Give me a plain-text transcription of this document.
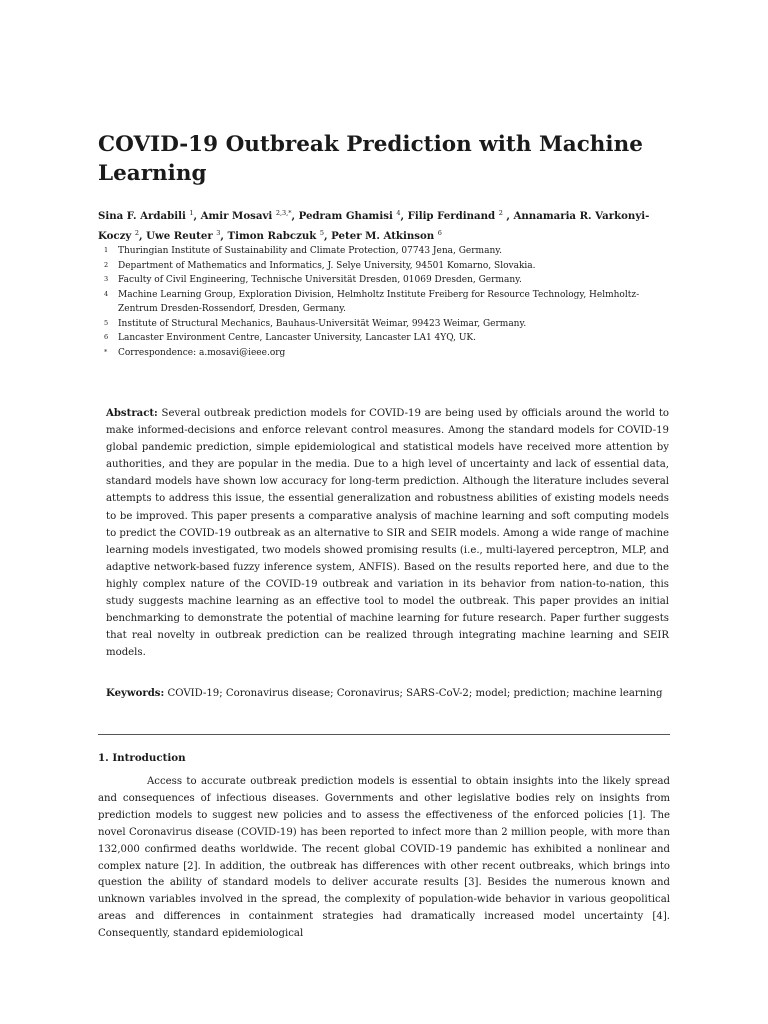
COVID-19 Outbreak Prediction with Machine Learning

Sina F. Ardabili $^1$, Amir Mosavi $^{2,3,*}$, Pedram Ghamisi $^4$, Filip Ferdinand $^2$ , Annamaria R. Varkonyi-Koczy $^2$, Uwe Reuter $^3$, Timon Rabczuk $^5$, Peter M. Atkinson $^6$

1 Thuringian Institute of Sustainability and Climate Protection, 07743 Jena, Germany.
2 Department of Mathematics and Informatics, J. Selye University, 94501 Komarno, Slovakia.
3 Faculty of Civil Engineering, Technische Universität Dresden, 01069 Dresden, Germany.
4 Machine Learning Group, Exploration Division, Helmholtz Institute Freiberg for Resource Technology, Helmholtz-Zentrum Dresden-Rossendorf, Dresden, Germany.
5 Institute of Structural Mechanics, Bauhaus-Universität Weimar, 99423 Weimar, Germany.
6 Lancaster Environment Centre, Lancaster University, Lancaster LA1 4YQ, UK.
* Correspondence: a.mosavi@ieee.org

Abstract: Several outbreak prediction models for COVID-19 are being used by officials around the world to make informed-decisions and enforce relevant control measures. Among the standard models for COVID-19 global pandemic prediction, simple epidemiological and statistical models have received more attention by authorities, and they are popular in the media. Due to a high level of uncertainty and lack of essential data, standard models have shown low accuracy for long-term prediction. Although the literature includes several attempts to address this issue, the essential generalization and robustness abilities of existing models needs to be improved. This paper presents a comparative analysis of machine learning and soft computing models to predict the COVID-19 outbreak as an alternative to SIR and SEIR models. Among a wide range of machine learning models investigated, two models showed promising results (i.e., multi-layered perceptron, MLP, and adaptive network-based fuzzy inference system, ANFIS). Based on the results reported here, and due to the highly complex nature of the COVID-19 outbreak and variation in its behavior from nation-to-nation, this study suggests machine learning as an effective tool to model the outbreak. This paper provides an initial benchmarking to demonstrate the potential of machine learning for future research. Paper further suggests that real novelty in outbreak prediction can be realized through integrating machine learning and SEIR models.

Keywords: COVID-19; Coronavirus disease; Coronavirus; SARS-CoV-2; model; prediction; machine learning

1. Introduction

Access to accurate outbreak prediction models is essential to obtain insights into the likely spread and consequences of infectious diseases. Governments and other legislative bodies rely on insights from prediction models to suggest new policies and to assess the effectiveness of the enforced policies [1]. The novel Coronavirus disease (COVID-19) has been reported to infect more than 2 million people, with more than 132,000 confirmed deaths worldwide. The recent global COVID-19 pandemic has exhibited a nonlinear and complex nature [2]. In addition, the outbreak has differences with other recent outbreaks, which brings into question the ability of standard models to deliver accurate results [3]. Besides the numerous known and unknown variables involved in the spread, the complexity of population-wide behavior in various geopolitical areas and differences in containment strategies had dramatically increased model uncertainty [4]. Consequently, standard epidemiological
